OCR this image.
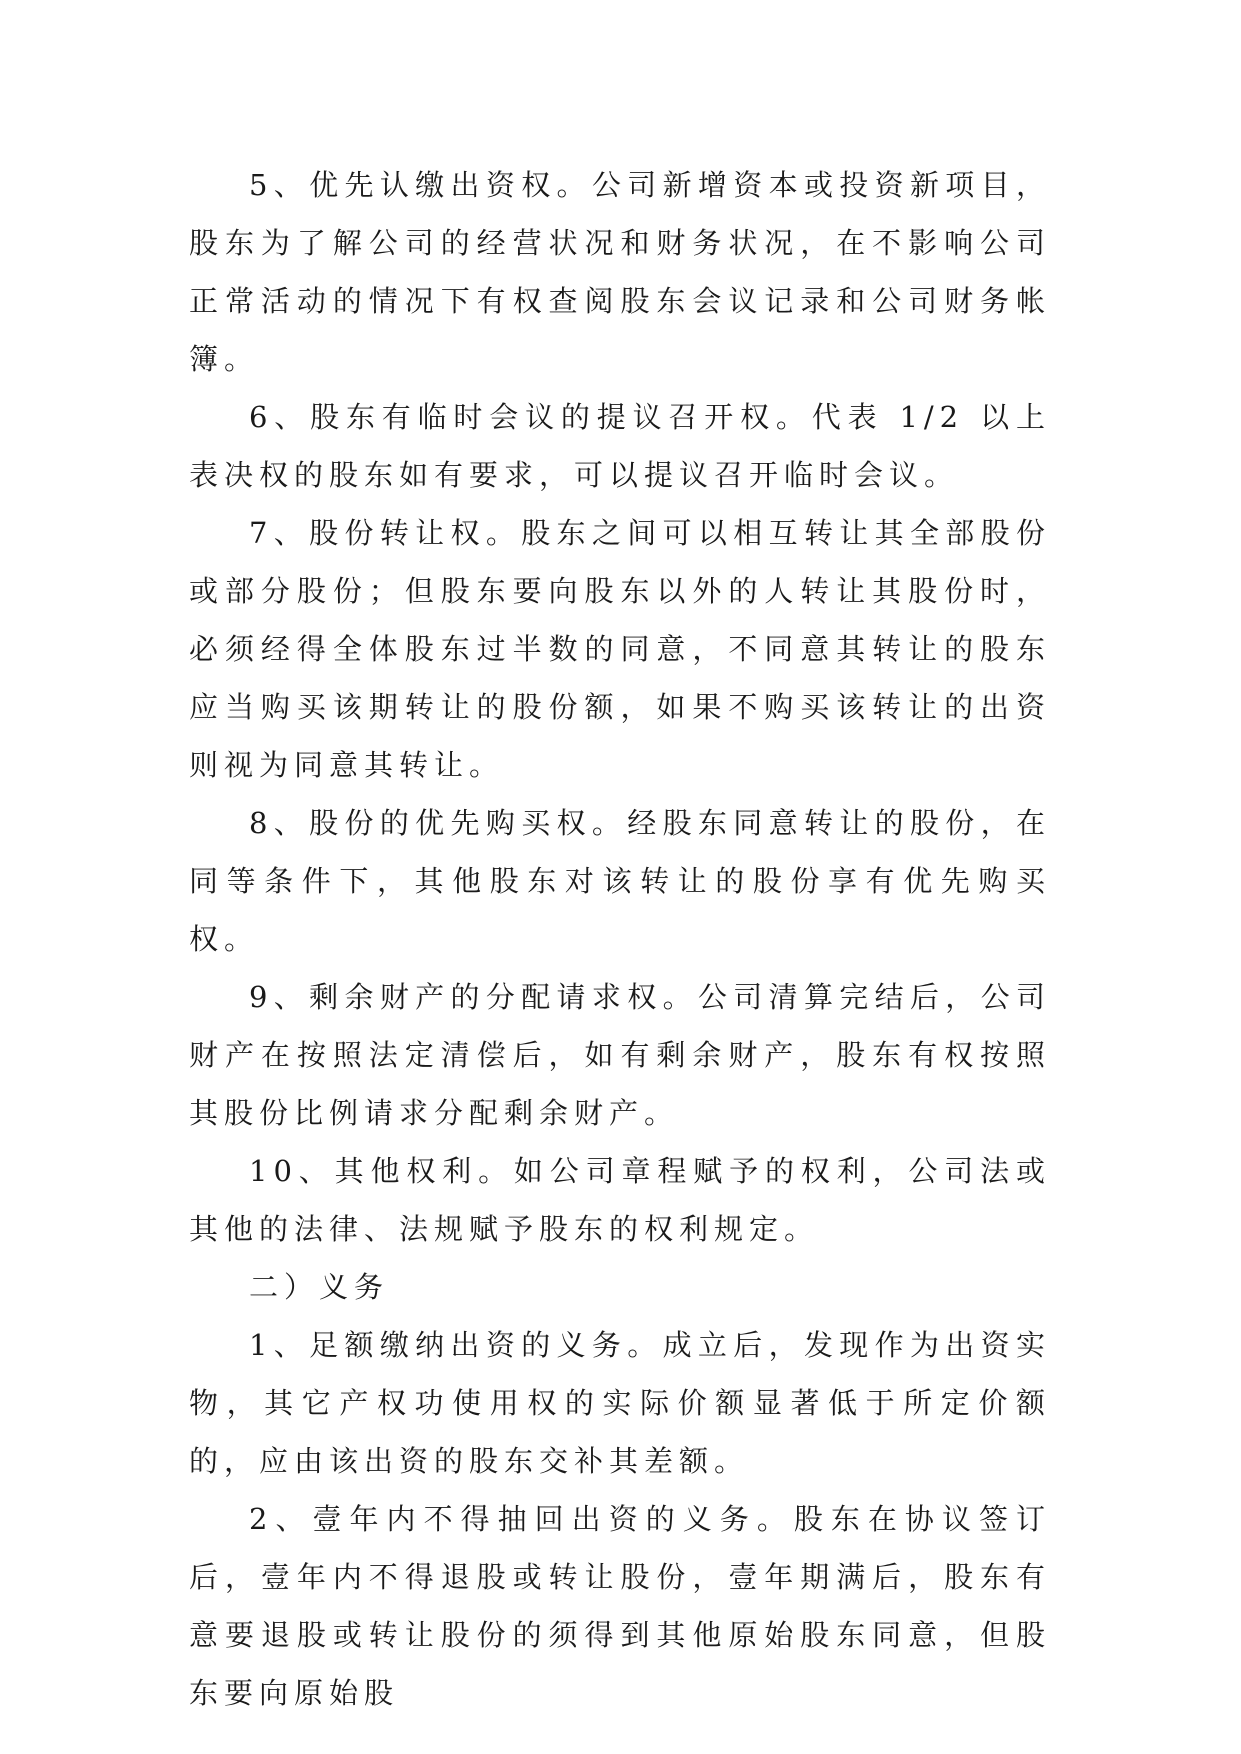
5、优先认缴出资权。公司新增资本或投资新项目，股东为了解公司的经营状况和财务状况，在不影响公司正常活动的情况下有权查阅股东会议记录和公司财务帐簿。

6、股东有临时会议的提议召开权。代表 1/2 以上表决权的股东如有要求，可以提议召开临时会议。

7、股份转让权。股东之间可以相互转让其全部股份或部分股份；但股东要向股东以外的人转让其股份时，必须经得全体股东过半数的同意，不同意其转让的股东应当购买该期转让的股份额，如果不购买该转让的出资则视为同意其转让。

8、股份的优先购买权。经股东同意转让的股份，在同等条件下，其他股东对该转让的股份享有优先购买权。

9、剩余财产的分配请求权。公司清算完结后，公司财产在按照法定清偿后，如有剩余财产，股东有权按照其股份比例请求分配剩余财产。

10、其他权利。如公司章程赋予的权利，公司法或其他的法律、法规赋予股东的权利规定。

二）义务

1、足额缴纳出资的义务。成立后，发现作为出资实物，其它产权功使用权的实际价额显著低于所定价额的，应由该出资的股东交补其差额。

2、壹年内不得抽回出资的义务。股东在协议签订后，壹年内不得退股或转让股份，壹年期满后，股东有意要退股或转让股份的须得到其他原始股东同意，但股东要向原始股
